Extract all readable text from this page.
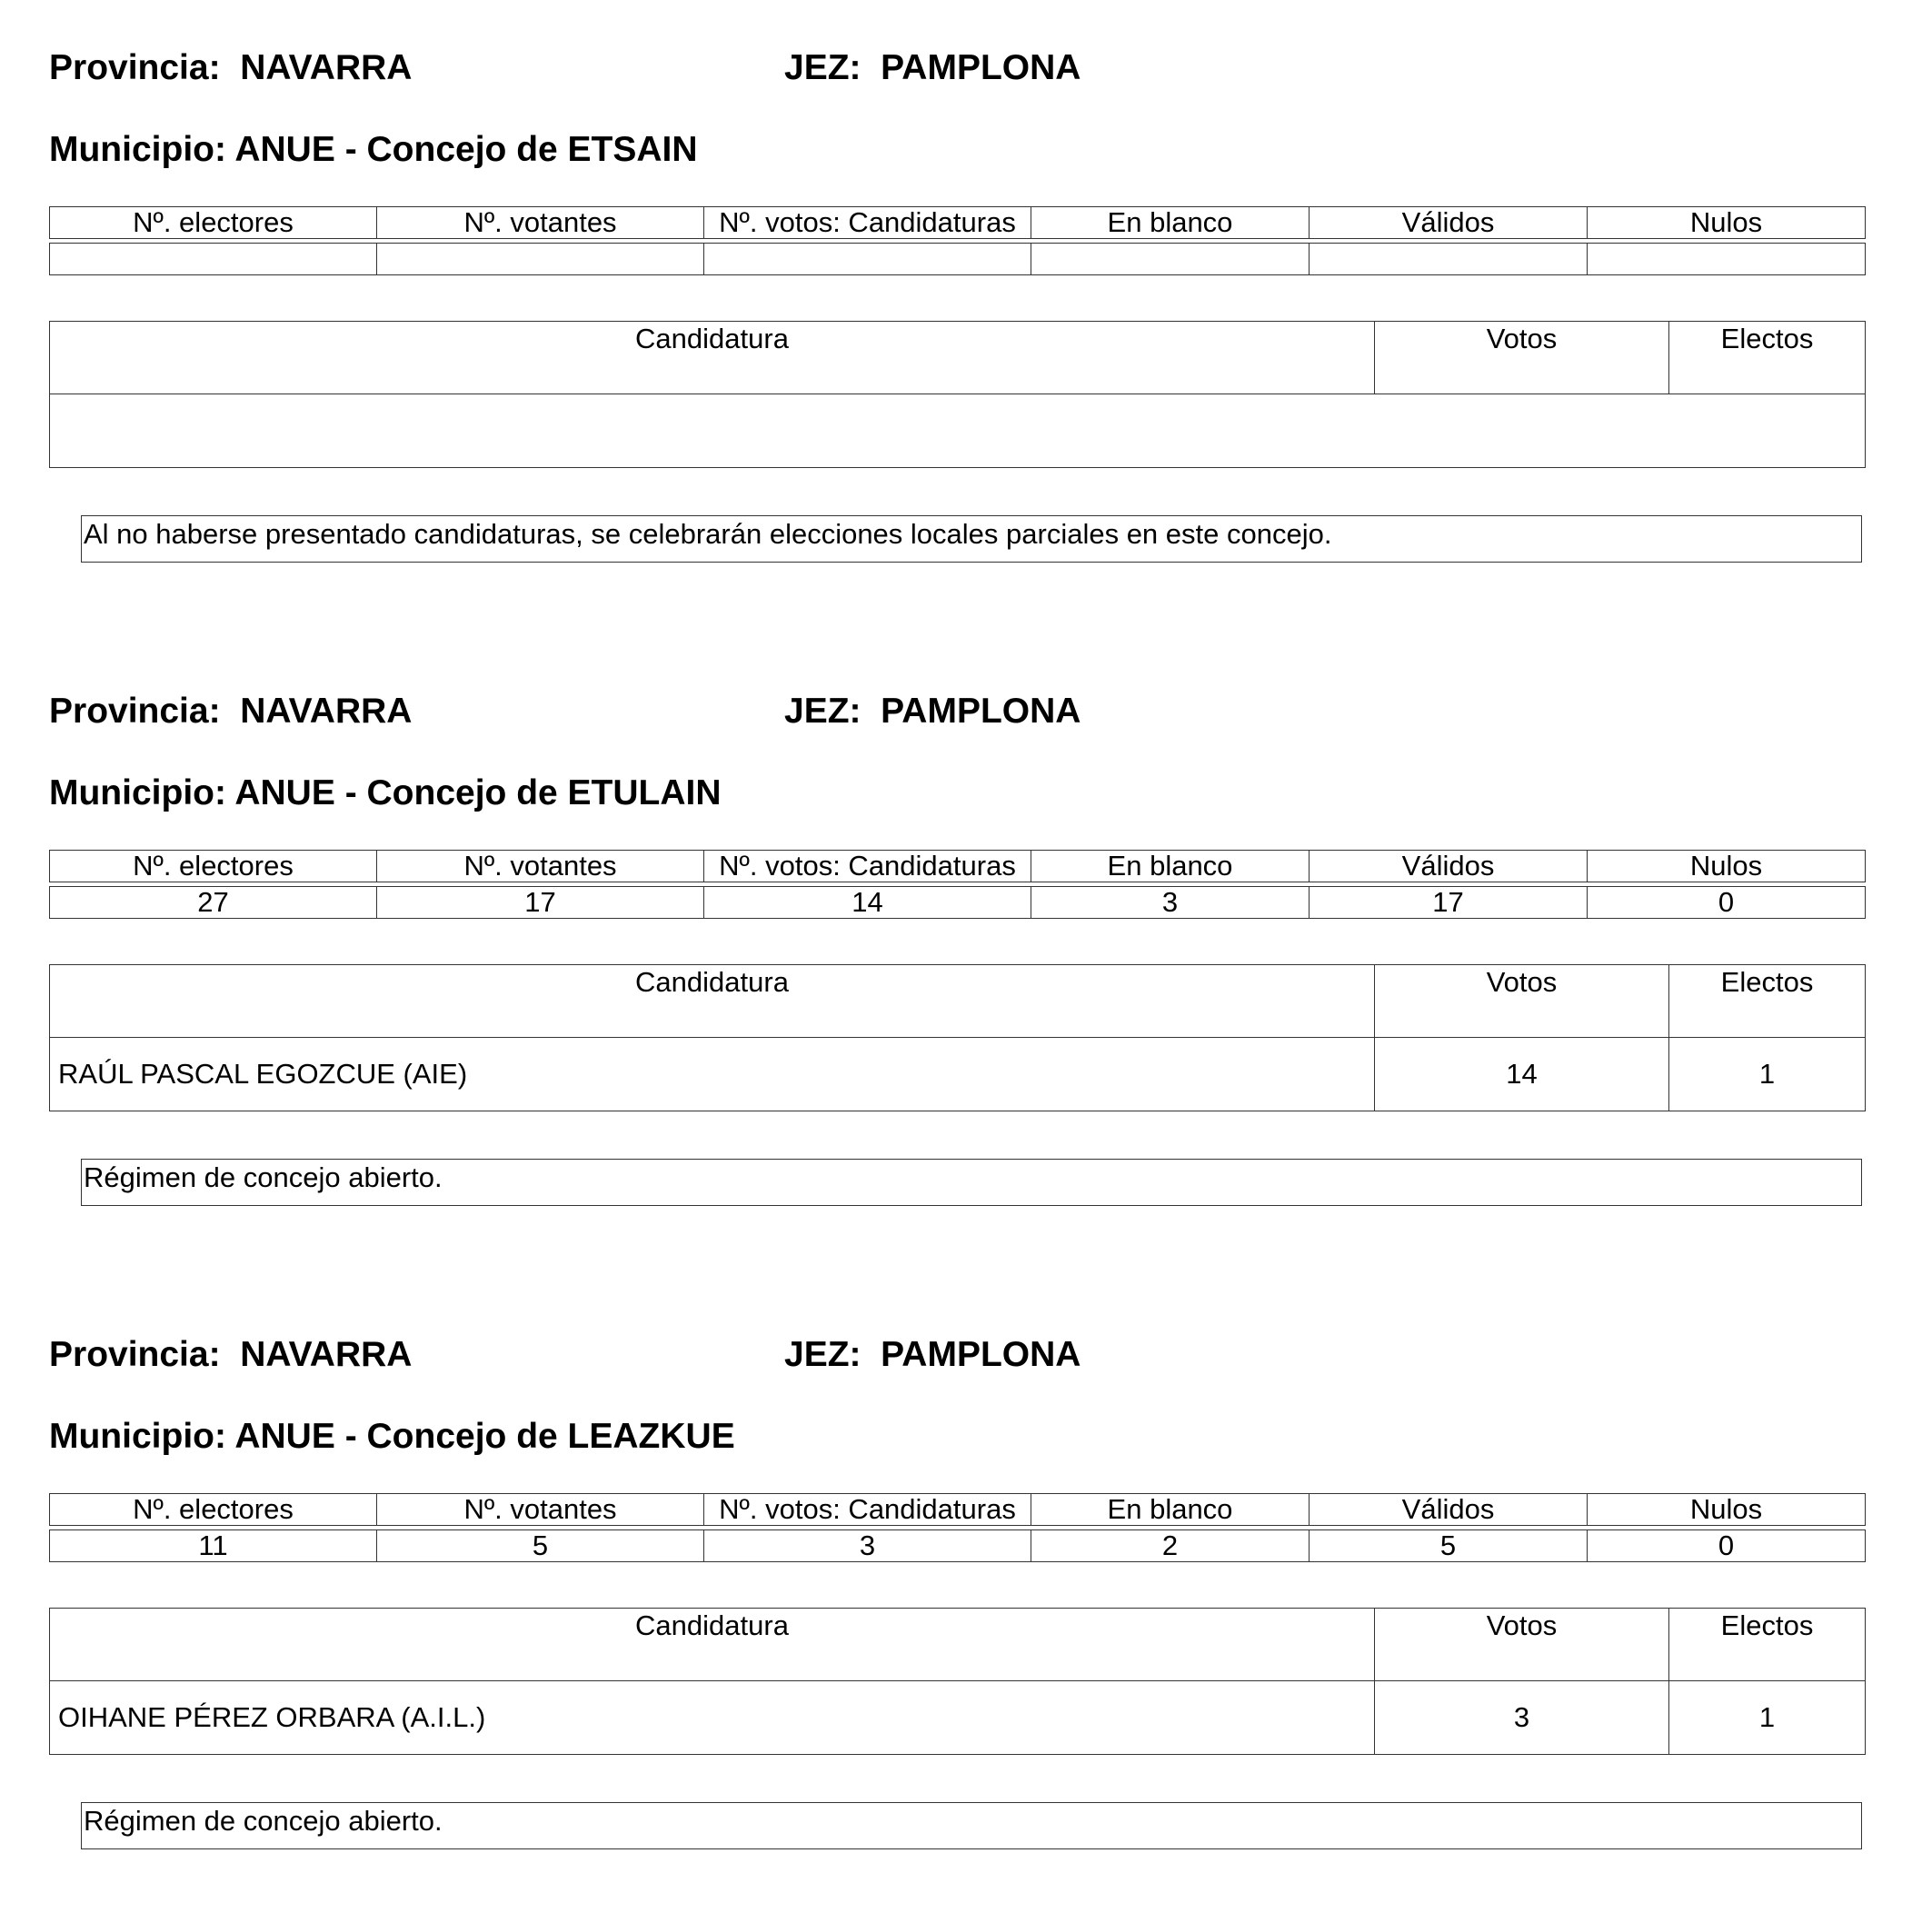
Provincia:  NAVARRA	JEZ:  PAMPLONA
Municipio: ANUE - Concejo de ETSAIN
Nº. electores	Nº. votantes	Nº. votos: Candidaturas	En blanco	Válidos	Nulos

Candidatura	Votos	Electos

Al no haberse presentado candidaturas, se celebrarán elecciones locales parciales en este concejo.
Provincia:  NAVARRA	JEZ:  PAMPLONA
Municipio: ANUE - Concejo de ETULAIN
Nº. electores	Nº. votantes	Nº. votos: Candidaturas	En blanco	Válidos	Nulos

27	17	14	3	17	0
Candidatura	Votos	Electos
RAÚL PASCAL EGOZCUE (AIE)	14	1
Régimen de concejo abierto.
Provincia:  NAVARRA	JEZ:  PAMPLONA
Municipio: ANUE - Concejo de LEAZKUE
Nº. electores	Nº. votantes	Nº. votos: Candidaturas	En blanco	Válidos	Nulos

11	5	3	2	5	0
Candidatura	Votos	Electos
OIHANE PÉREZ ORBARA (A.I.L.)	3	1
Régimen de concejo abierto.
